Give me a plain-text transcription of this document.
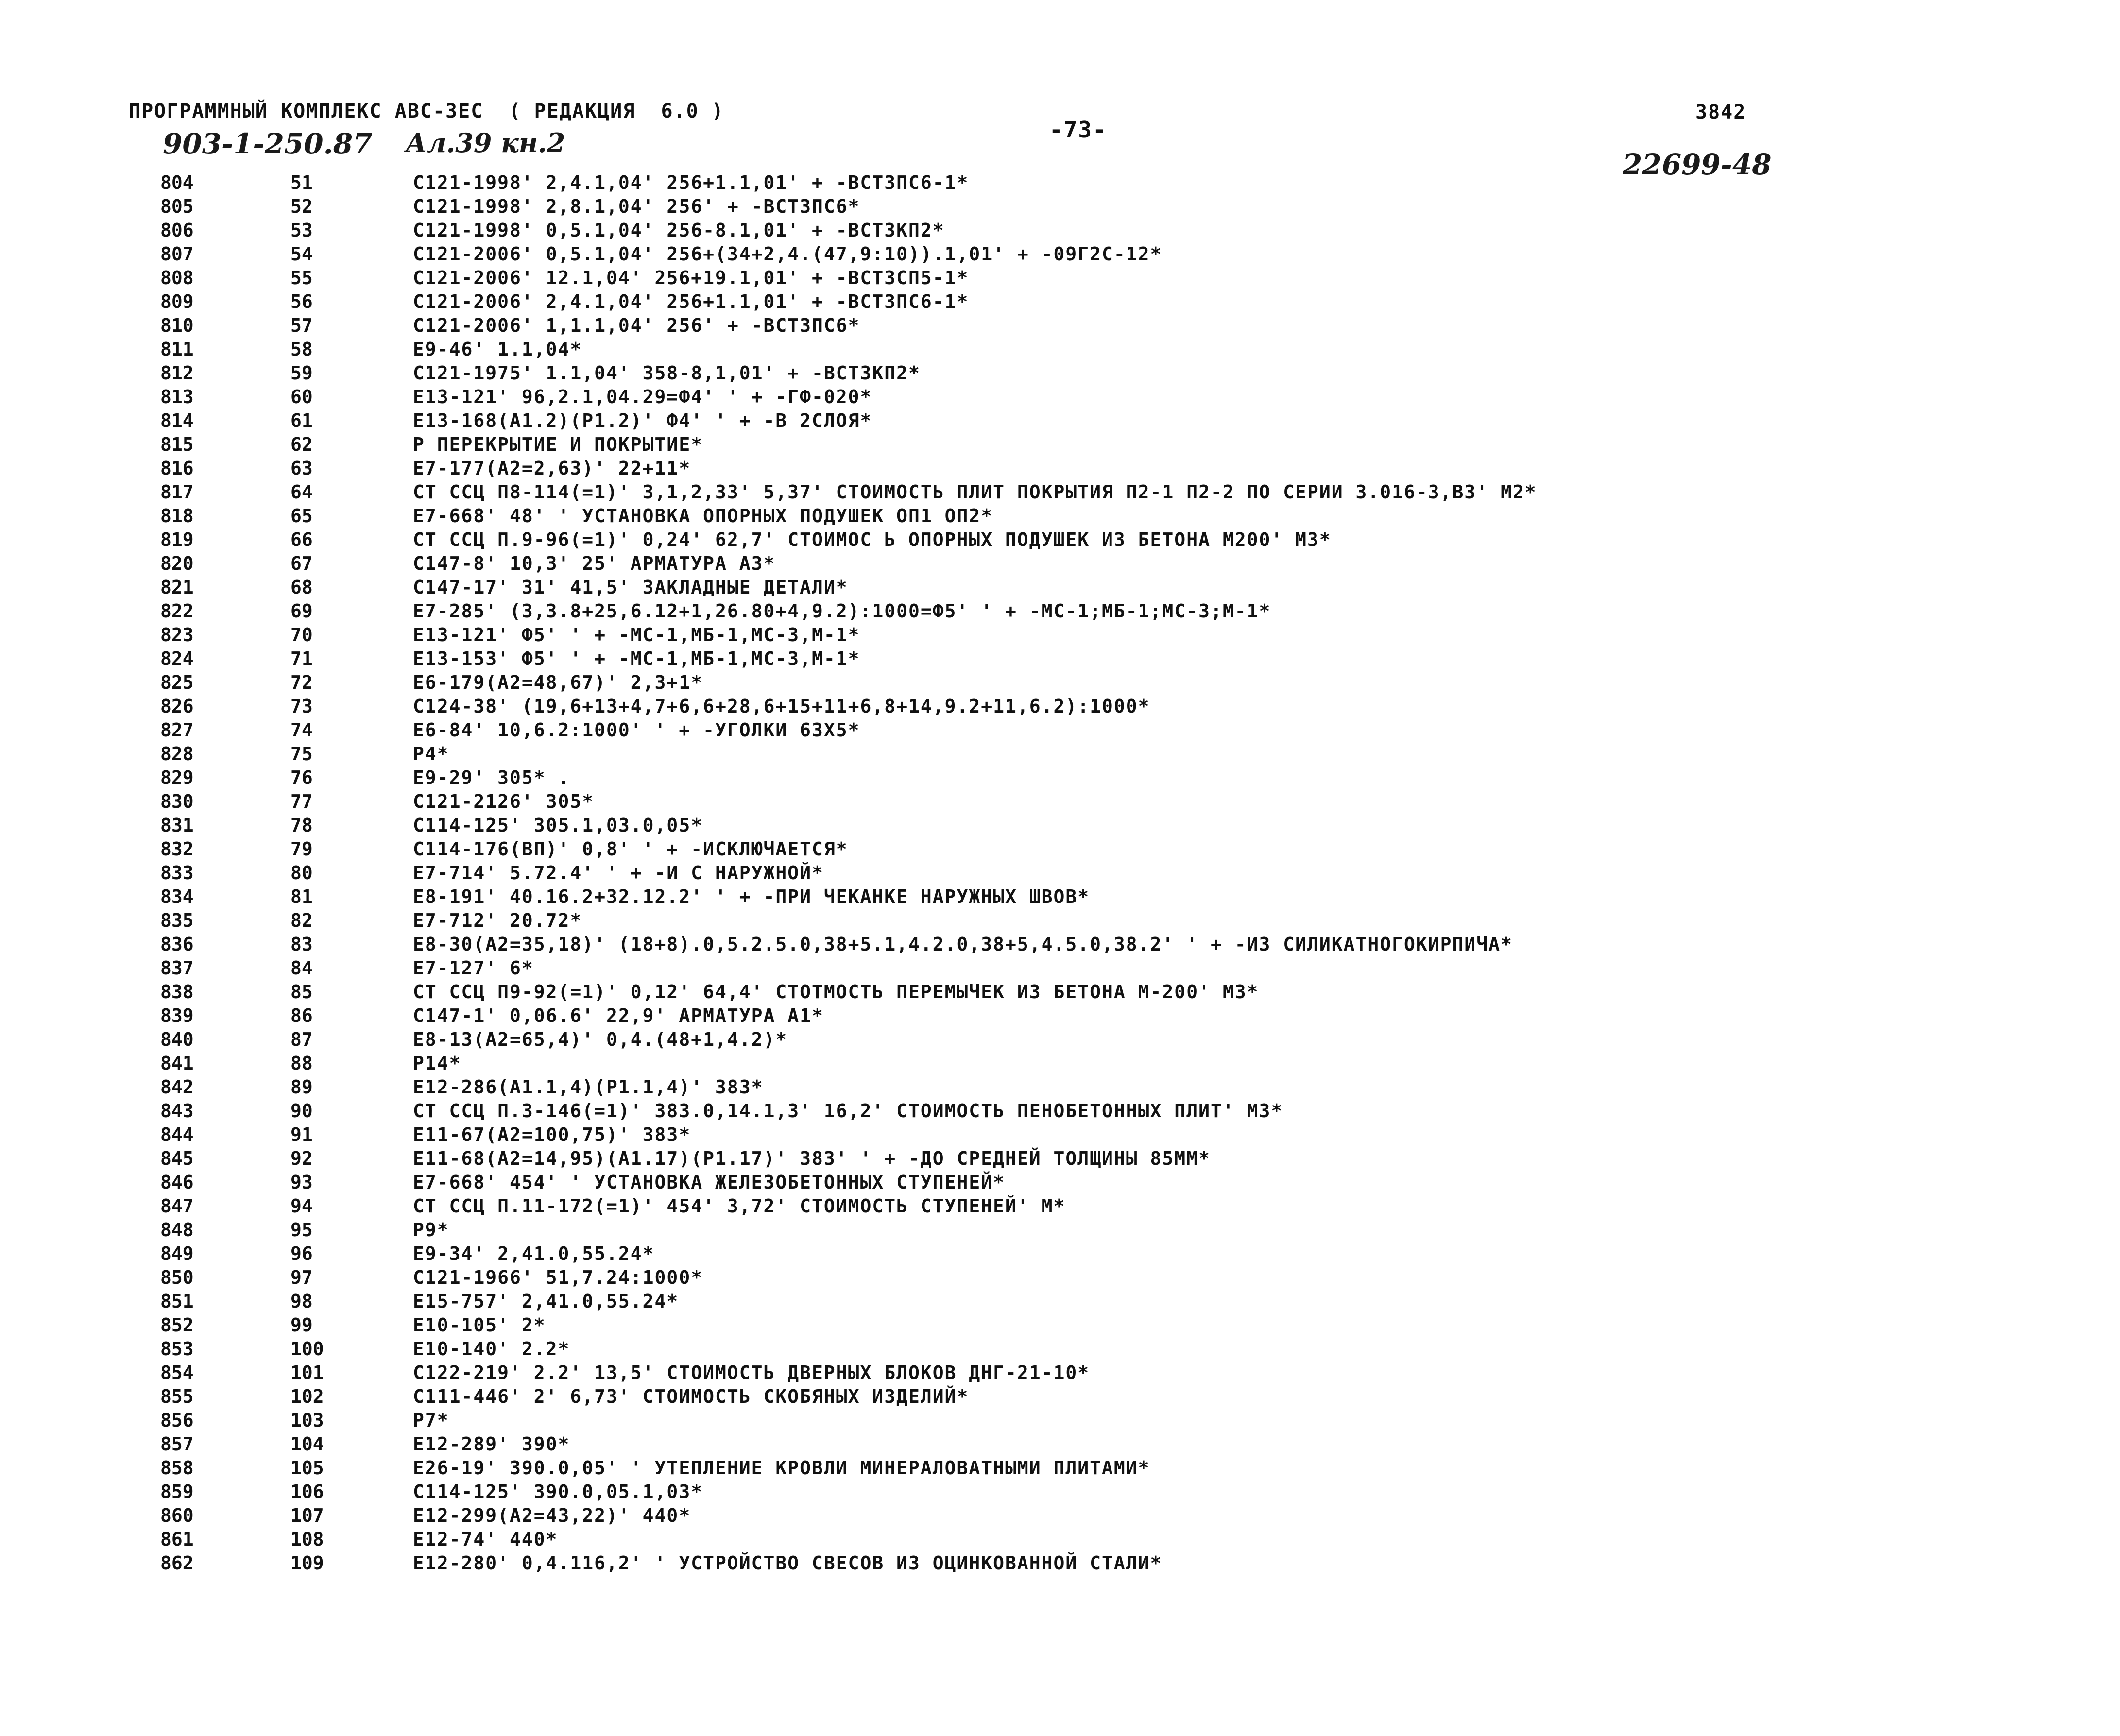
ПРОГРАММНЫЙ КОМПЛЕКС АВС-ЗЕС  ( РЕДАКЦИЯ  6.0 )
-73-
3842
903-1-250.87 Ал.39 кн.2
22699-48
804	51	C121-1998' 2,4.1,04' 256+1.1,01' + -ВСТ3ПС6-1*
805	52	C121-1998' 2,8.1,04' 256' + -ВСТ3ПС6*
806	53	C121-1998' 0,5.1,04' 256-8.1,01' + -ВСТ3КП2*
807	54	C121-2006' 0,5.1,04' 256+(34+2,4.(47,9:10)).1,01' + -09Г2С-12*
808	55	C121-2006' 12.1,04' 256+19.1,01' + -ВСТ3СП5-1*
809	56	C121-2006' 2,4.1,04' 256+1.1,01' + -ВСТ3ПС6-1*
810	57	C121-2006' 1,1.1,04' 256' + -ВСТ3ПС6*
811	58	E9-46' 1.1,04*
812	59	C121-1975' 1.1,04' 358-8,1,01' + -ВСТ3КП2*
813	60	E13-121' 96,2.1,04.29=Ф4' ' + -ГФ-020*
814	61	E13-168(A1.2)(P1.2)' Ф4' ' + -В 2СЛОЯ*
815	62	Р ПЕРЕКРЫТИЕ И ПОКРЫТИЕ*
816	63	E7-177(A2=2,63)' 22+11*
817	64	СТ ССЦ П8-114(=1)' 3,1,2,33' 5,37' СТОИМОСТЬ ПЛИТ ПОКРЫТИЯ П2-1 П2-2 ПО СЕРИИ 3.016-3,В3' М2*
818	65	E7-668' 48' ' УСТАНОВКА ОПОРНЫХ ПОДУШЕК ОП1 ОП2*
819	66	СТ ССЦ П.9-96(=1)' 0,24' 62,7' СТОИМОС Ь ОПОРНЫХ ПОДУШЕК ИЗ БЕТОНА М200' М3*
820	67	C147-8' 10,3' 25' АРМАТУРА А3*
821	68	C147-17' 31' 41,5' ЗАКЛАДНЫЕ ДЕТАЛИ*
822	69	E7-285' (3,3.8+25,6.12+1,26.80+4,9.2):1000=Ф5' ' + -МС-1;МБ-1;МС-3;М-1*
823	70	E13-121' Ф5' ' + -МС-1,МБ-1,МС-3,М-1*
824	71	E13-153' Ф5' ' + -МС-1,МБ-1,МС-3,М-1*
825	72	E6-179(A2=48,67)' 2,3+1*
826	73	C124-38' (19,6+13+4,7+6,6+28,6+15+11+6,8+14,9.2+11,6.2):1000*
827	74	E6-84' 10,6.2:1000' ' + -УГОЛКИ 63Х5*
828	75	Р4*
829	76	E9-29' 305* .
830	77	C121-2126' 305*
831	78	C114-125' 305.1,03.0,05*
832	79	C114-176(ВП)' 0,8' ' + -ИСКЛЮЧАЕТСЯ*
833	80	E7-714' 5.72.4' ' + -И С НАРУЖНОЙ*
834	81	E8-191' 40.16.2+32.12.2' ' + -ПРИ ЧЕКАНКЕ НАРУЖНЫХ ШВОВ*
835	82	E7-712' 20.72*
836	83	E8-30(A2=35,18)' (18+8).0,5.2.5.0,38+5.1,4.2.0,38+5,4.5.0,38.2' ' + -ИЗ СИЛИКАТНОГОКИРПИЧА*
837	84	E7-127' 6*
838	85	СТ ССЦ П9-92(=1)' 0,12' 64,4' СТОТМОСТЬ ПЕРЕМЫЧЕК ИЗ БЕТОНА М-200' М3*
839	86	C147-1' 0,06.6' 22,9' АРМАТУРА А1*
840	87	E8-13(A2=65,4)' 0,4.(48+1,4.2)*
841	88	Р14*
842	89	E12-286(A1.1,4)(P1.1,4)' 383*
843	90	СТ ССЦ П.3-146(=1)' 383.0,14.1,3' 16,2' СТОИМОСТЬ ПЕНОБЕТОННЫХ ПЛИТ' М3*
844	91	E11-67(A2=100,75)' 383*
845	92	E11-68(A2=14,95)(A1.17)(P1.17)' 383' ' + -ДО СРЕДНЕЙ ТОЛЩИНЫ 85ММ*
846	93	E7-668' 454' ' УСТАНОВКА ЖЕЛЕЗОБЕТОННЫХ СТУПЕНЕЙ*
847	94	СТ ССЦ П.11-172(=1)' 454' 3,72' СТОИМОСТЬ СТУПЕНЕЙ' М*
848	95	Р9*
849	96	E9-34' 2,41.0,55.24*
850	97	C121-1966' 51,7.24:1000*
851	98	E15-757' 2,41.0,55.24*
852	99	E10-105' 2*
853	100	E10-140' 2.2*
854	101	C122-219' 2.2' 13,5' СТОИМОСТЬ ДВЕРНЫХ БЛОКОВ ДНГ-21-10*
855	102	C111-446' 2' 6,73' СТОИМОСТЬ СКОБЯНЫХ ИЗДЕЛИЙ*
856	103	Р7*
857	104	E12-289' 390*
858	105	E26-19' 390.0,05' ' УТЕПЛЕНИЕ КРОВЛИ МИНЕРАЛОВАТНЫМИ ПЛИТАМИ*
859	106	C114-125' 390.0,05.1,03*
860	107	E12-299(A2=43,22)' 440*
861	108	E12-74' 440*
862	109	E12-280' 0,4.116,2' ' УСТРОЙСТВО СВЕСОВ ИЗ ОЦИНКОВАННОЙ СТАЛИ*
